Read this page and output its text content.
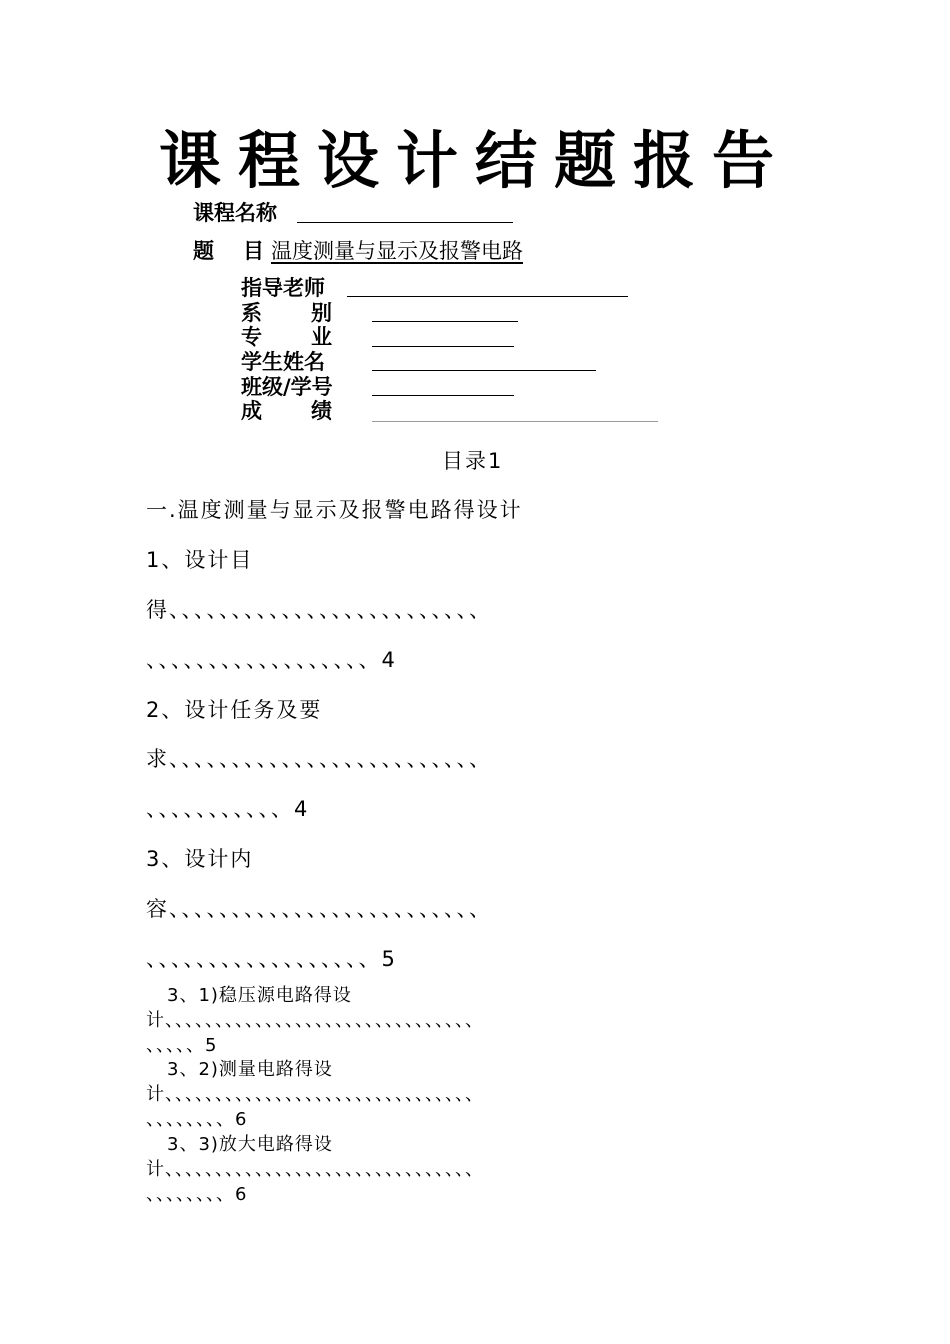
课程设计结题报告
课程名称
题 目 温度测量与显示及报警电路
指导老师
系 别
专 业
学生姓名
班级/学号
成 绩
目录1
一.温度测量与显示及报警电路得设计
1、设计目
得、、、、、、、、、、、、、、、、、、、、、、、、、
、、、、、、、、、、、、、、、、、、4
2、设计任务及要
求、、、、、、、、、、、、、、、、、、、、、、、、、
、、、、、、、、、、、4
3、设计内
容、、、、、、、、、、、、、、、、、、、、、、、、、
、、、、、、、、、、、、、、、、、、5
3、1)稳压源电路得设
计、、、、、、、、、、、、、、、、、、、、、、、、、、、、、、、
、、、、、5
3、2)测量电路得设
计、、、、、、、、、、、、、、、、、、、、、、、、、、、、、、、
、、、、、、、、6
3、3)放大电路得设
计、、、、、、、、、、、、、、、、、、、、、、、、、、、、、、、
、、、、、、、、6
